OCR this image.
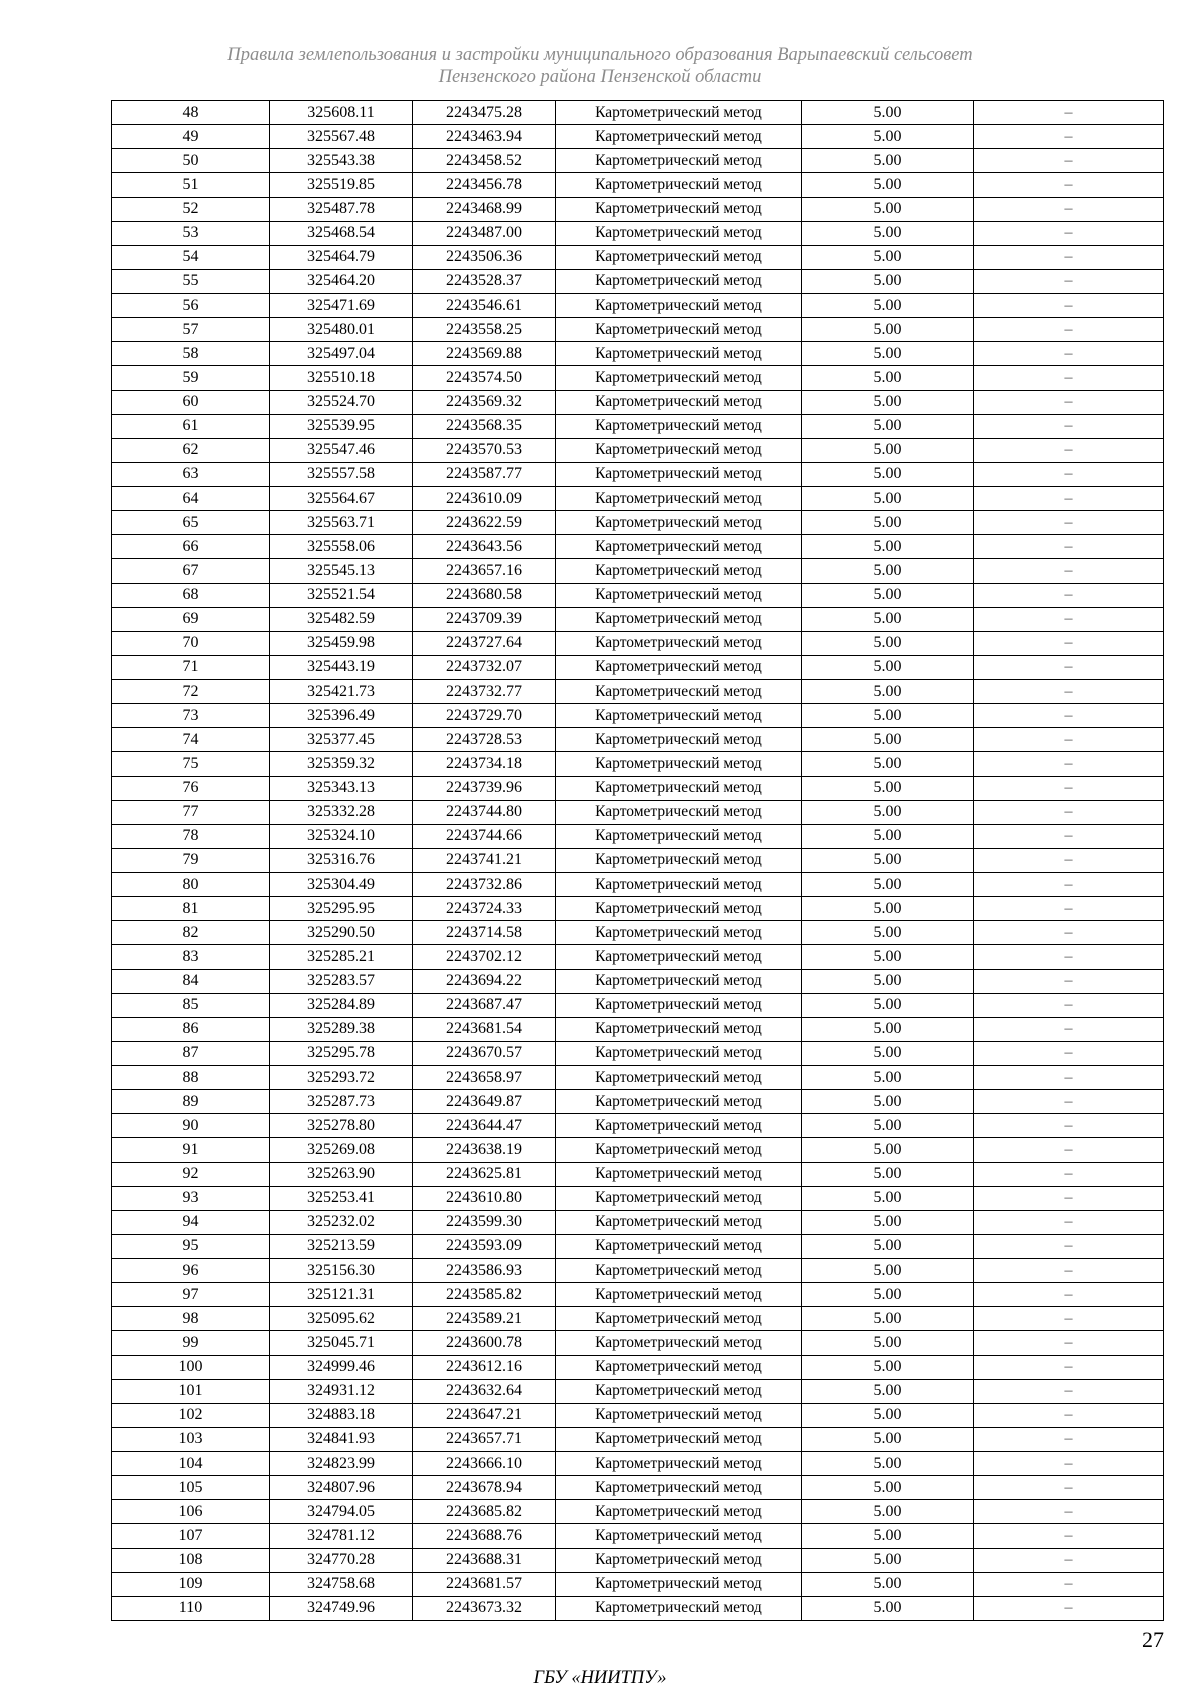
Правила землепользования и застройки муниципального образования Варыпаевский сельсовет
Пензенского района Пензенской области
48	325608.11	2243475.28	Картометрический метод	5.00	–
49	325567.48	2243463.94	Картометрический метод	5.00	–
50	325543.38	2243458.52	Картометрический метод	5.00	–
51	325519.85	2243456.78	Картометрический метод	5.00	–
52	325487.78	2243468.99	Картометрический метод	5.00	–
53	325468.54	2243487.00	Картометрический метод	5.00	–
54	325464.79	2243506.36	Картометрический метод	5.00	–
55	325464.20	2243528.37	Картометрический метод	5.00	–
56	325471.69	2243546.61	Картометрический метод	5.00	–
57	325480.01	2243558.25	Картометрический метод	5.00	–
58	325497.04	2243569.88	Картометрический метод	5.00	–
59	325510.18	2243574.50	Картометрический метод	5.00	–
60	325524.70	2243569.32	Картометрический метод	5.00	–
61	325539.95	2243568.35	Картометрический метод	5.00	–
62	325547.46	2243570.53	Картометрический метод	5.00	–
63	325557.58	2243587.77	Картометрический метод	5.00	–
64	325564.67	2243610.09	Картометрический метод	5.00	–
65	325563.71	2243622.59	Картометрический метод	5.00	–
66	325558.06	2243643.56	Картометрический метод	5.00	–
67	325545.13	2243657.16	Картометрический метод	5.00	–
68	325521.54	2243680.58	Картометрический метод	5.00	–
69	325482.59	2243709.39	Картометрический метод	5.00	–
70	325459.98	2243727.64	Картометрический метод	5.00	–
71	325443.19	2243732.07	Картометрический метод	5.00	–
72	325421.73	2243732.77	Картометрический метод	5.00	–
73	325396.49	2243729.70	Картометрический метод	5.00	–
74	325377.45	2243728.53	Картометрический метод	5.00	–
75	325359.32	2243734.18	Картометрический метод	5.00	–
76	325343.13	2243739.96	Картометрический метод	5.00	–
77	325332.28	2243744.80	Картометрический метод	5.00	–
78	325324.10	2243744.66	Картометрический метод	5.00	–
79	325316.76	2243741.21	Картометрический метод	5.00	–
80	325304.49	2243732.86	Картометрический метод	5.00	–
81	325295.95	2243724.33	Картометрический метод	5.00	–
82	325290.50	2243714.58	Картометрический метод	5.00	–
83	325285.21	2243702.12	Картометрический метод	5.00	–
84	325283.57	2243694.22	Картометрический метод	5.00	–
85	325284.89	2243687.47	Картометрический метод	5.00	–
86	325289.38	2243681.54	Картометрический метод	5.00	–
87	325295.78	2243670.57	Картометрический метод	5.00	–
88	325293.72	2243658.97	Картометрический метод	5.00	–
89	325287.73	2243649.87	Картометрический метод	5.00	–
90	325278.80	2243644.47	Картометрический метод	5.00	–
91	325269.08	2243638.19	Картометрический метод	5.00	–
92	325263.90	2243625.81	Картометрический метод	5.00	–
93	325253.41	2243610.80	Картометрический метод	5.00	–
94	325232.02	2243599.30	Картометрический метод	5.00	–
95	325213.59	2243593.09	Картометрический метод	5.00	–
96	325156.30	2243586.93	Картометрический метод	5.00	–
97	325121.31	2243585.82	Картометрический метод	5.00	–
98	325095.62	2243589.21	Картометрический метод	5.00	–
99	325045.71	2243600.78	Картометрический метод	5.00	–
100	324999.46	2243612.16	Картометрический метод	5.00	–
101	324931.12	2243632.64	Картометрический метод	5.00	–
102	324883.18	2243647.21	Картометрический метод	5.00	–
103	324841.93	2243657.71	Картометрический метод	5.00	–
104	324823.99	2243666.10	Картометрический метод	5.00	–
105	324807.96	2243678.94	Картометрический метод	5.00	–
106	324794.05	2243685.82	Картометрический метод	5.00	–
107	324781.12	2243688.76	Картометрический метод	5.00	–
108	324770.28	2243688.31	Картометрический метод	5.00	–
109	324758.68	2243681.57	Картометрический метод	5.00	–
110	324749.96	2243673.32	Картометрический метод	5.00	–
27
ГБУ «НИИТПУ»
